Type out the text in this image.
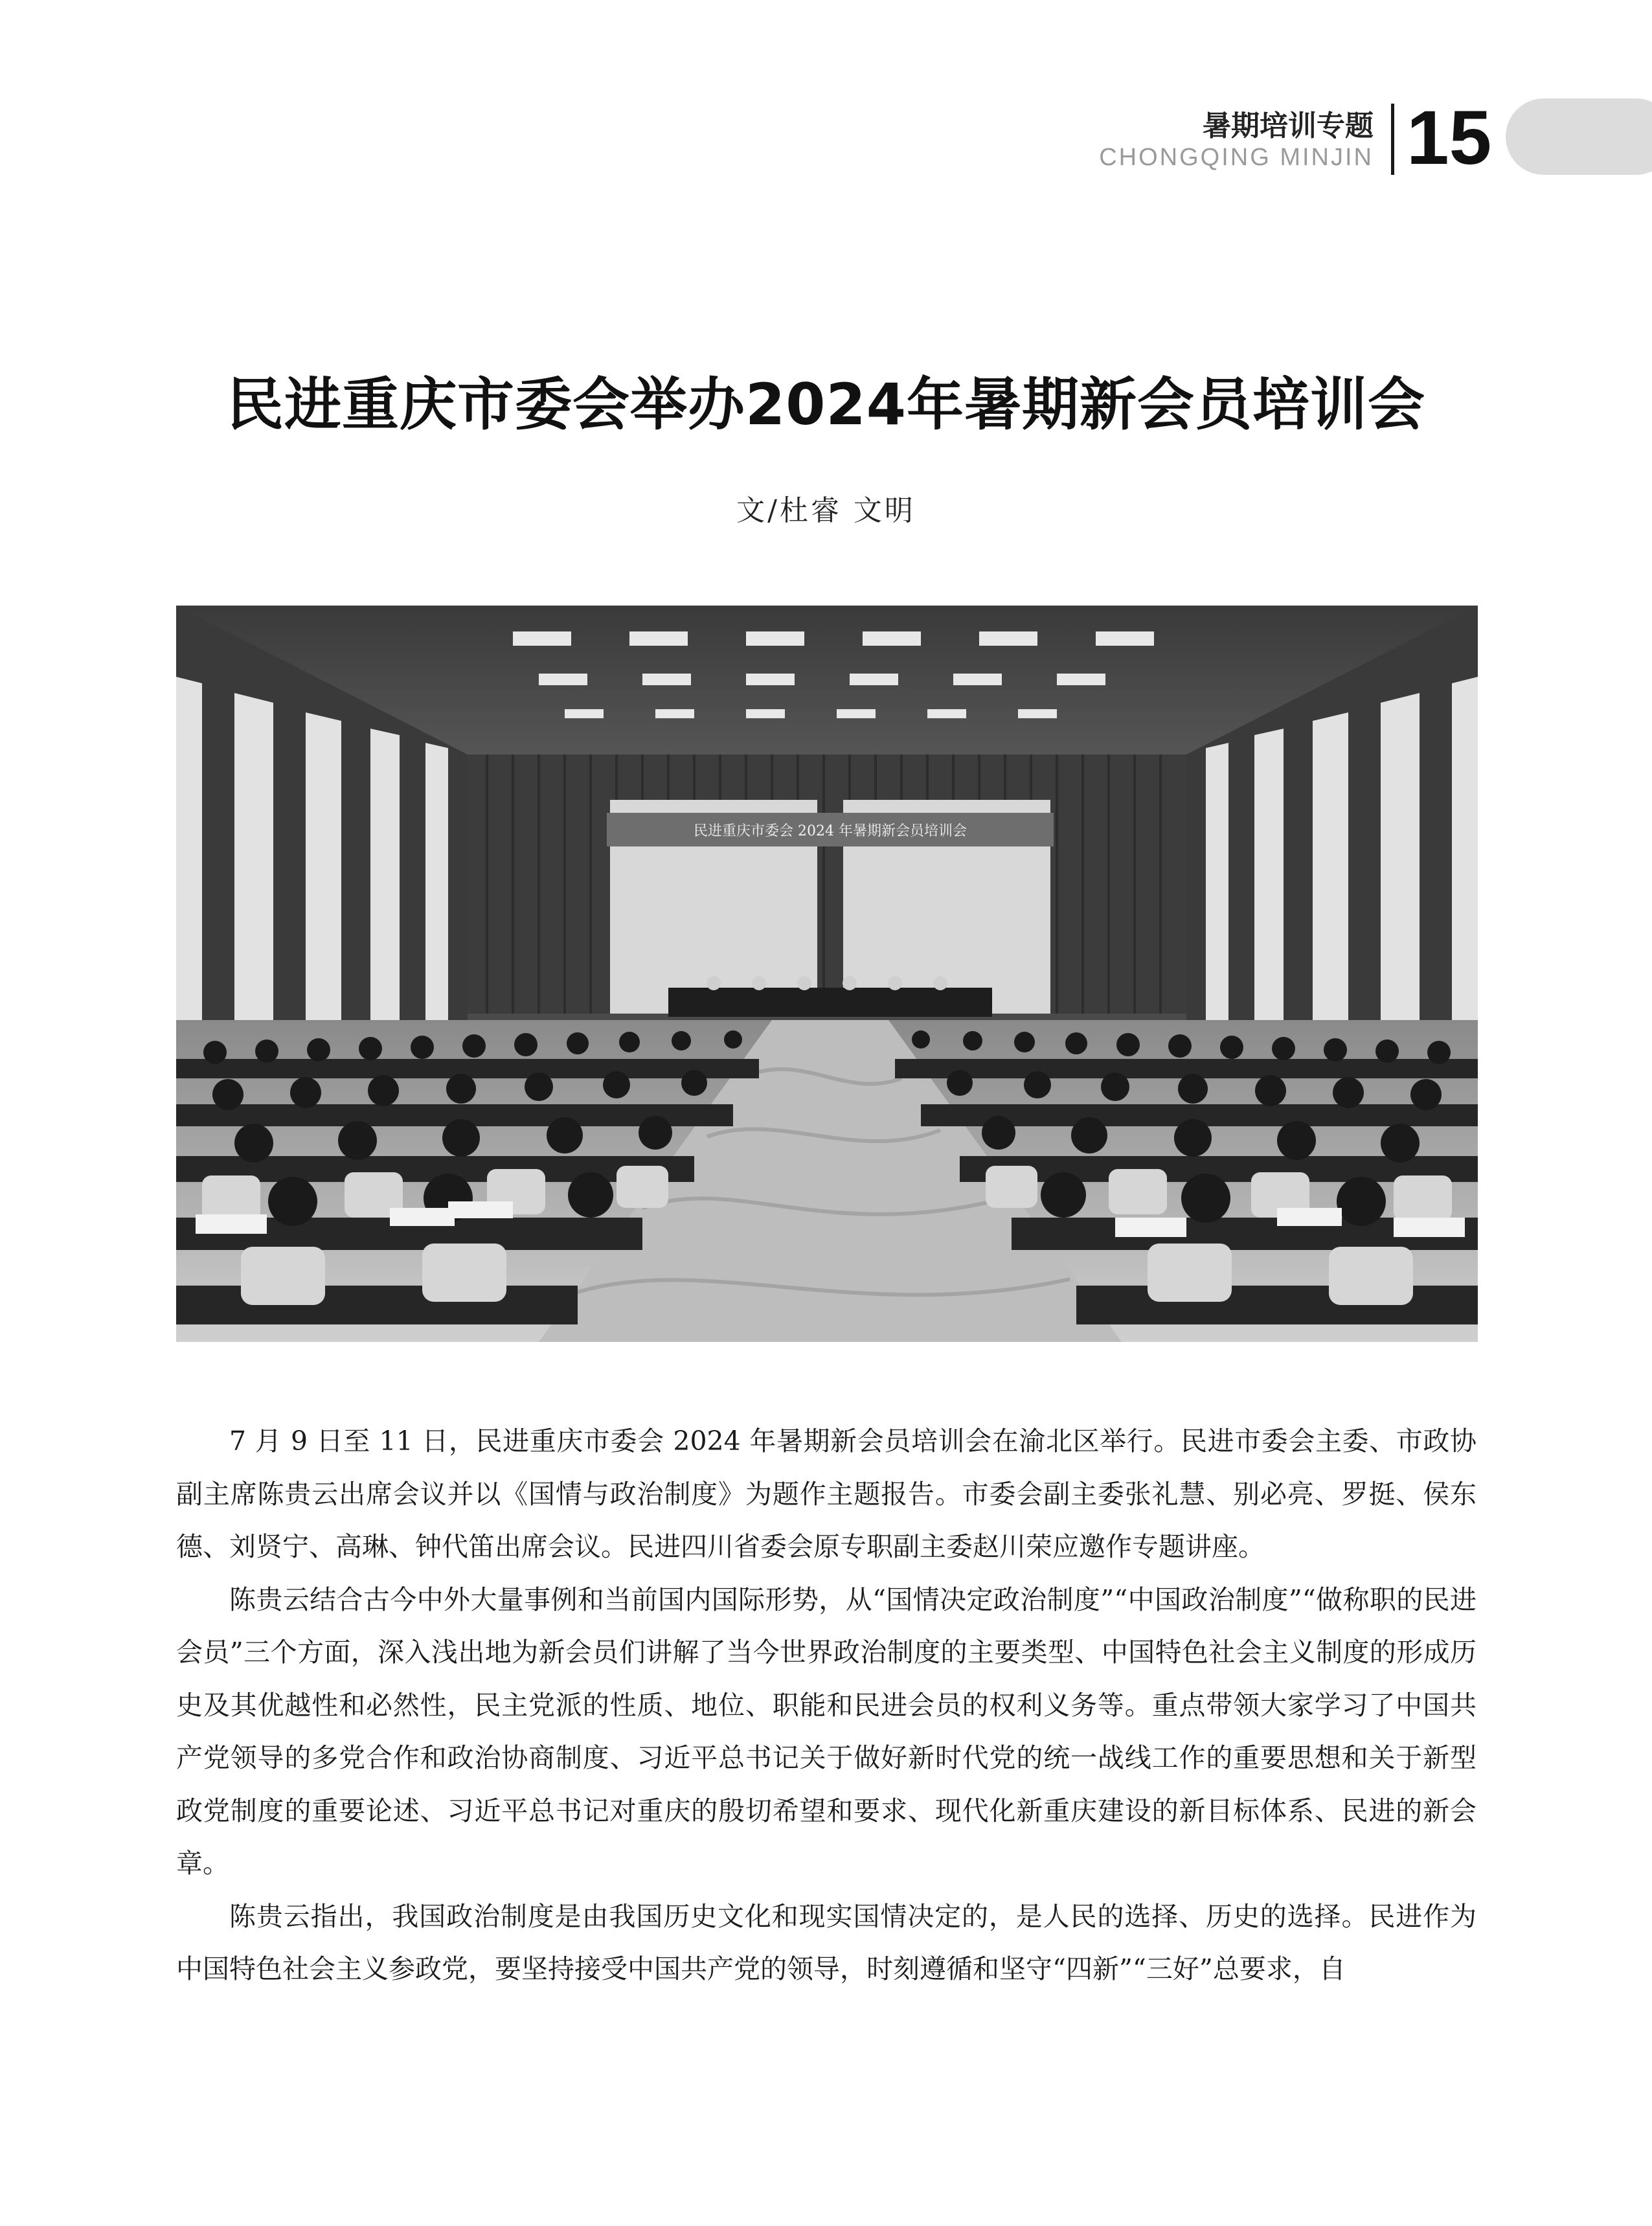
暑期培训专题
CHONGQING MINJIN 15
民进重庆市委会举办2024年暑期新会员培训会
文/杜睿 文明
民进重庆市委会 2024 年暑期新会员培训会

7 月 9 日至 11 日，民进重庆市委会 2024 年暑期新会员培训会在渝北区举行。民进市委会主委、市政协副主席陈贵云出席会议并以《国情与政治制度》为题作主题报告。市委会副主委张礼慧、别必亮、罗挺、侯东德、刘贤宁、高琳、钟代笛出席会议。民进四川省委会原专职副主委赵川荣应邀作专题讲座。

陈贵云结合古今中外大量事例和当前国内国际形势，从“国情决定政治制度”“中国政治制度”“做称职的民进会员”三个方面，深入浅出地为新会员们讲解了当今世界政治制度的主要类型、中国特色社会主义制度的形成历史及其优越性和必然性，民主党派的性质、地位、职能和民进会员的权利义务等。重点带领大家学习了中国共产党领导的多党合作和政治协商制度、习近平总书记关于做好新时代党的统一战线工作的重要思想和关于新型政党制度的重要论述、习近平总书记对重庆的殷切希望和要求、现代化新重庆建设的新目标体系、民进的新会章。

陈贵云指出，我国政治制度是由我国历史文化和现实国情决定的，是人民的选择、历史的选择。民进作为中国特色社会主义参政党，要坚持接受中国共产党的领导，时刻遵循和坚守“四新”“三好”总要求，自
